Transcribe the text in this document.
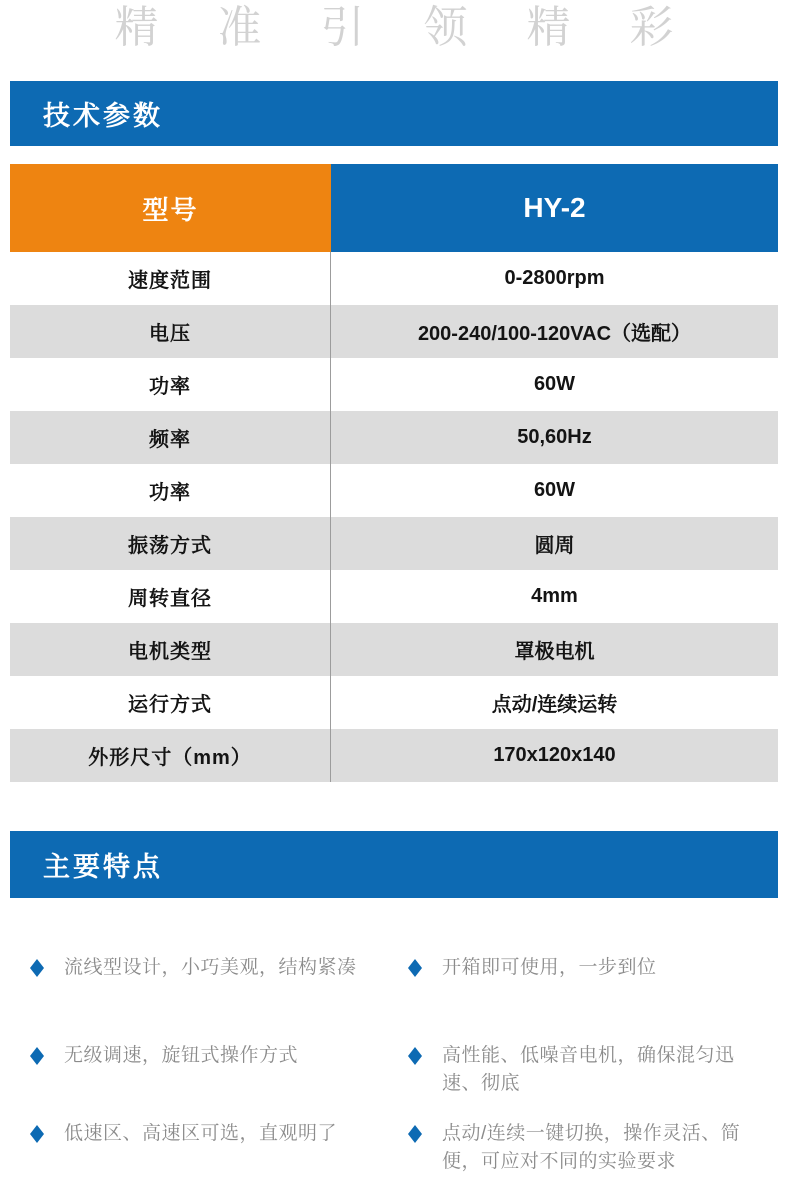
精准引领精彩
技术参数
型号	HY-2
速度范围	0-2800rpm
电压	200-240/100-120VAC（选配）
功率	60W
频率	50,60Hz
功率	60W
振荡方式	圆周
周转直径	4mm
电机类型	罩极电机
运行方式	点动/连续运转
外形尺寸（mm）	170x120x140
主要特点
流线型设计，小巧美观，结构紧凑	开箱即可使用，一步到位
无级调速，旋钮式操作方式	高性能、低噪音电机，确保混匀迅速、彻底
低速区、高速区可选，直观明了	点动/连续一键切换，操作灵活、简便，可应对不同的实验要求
